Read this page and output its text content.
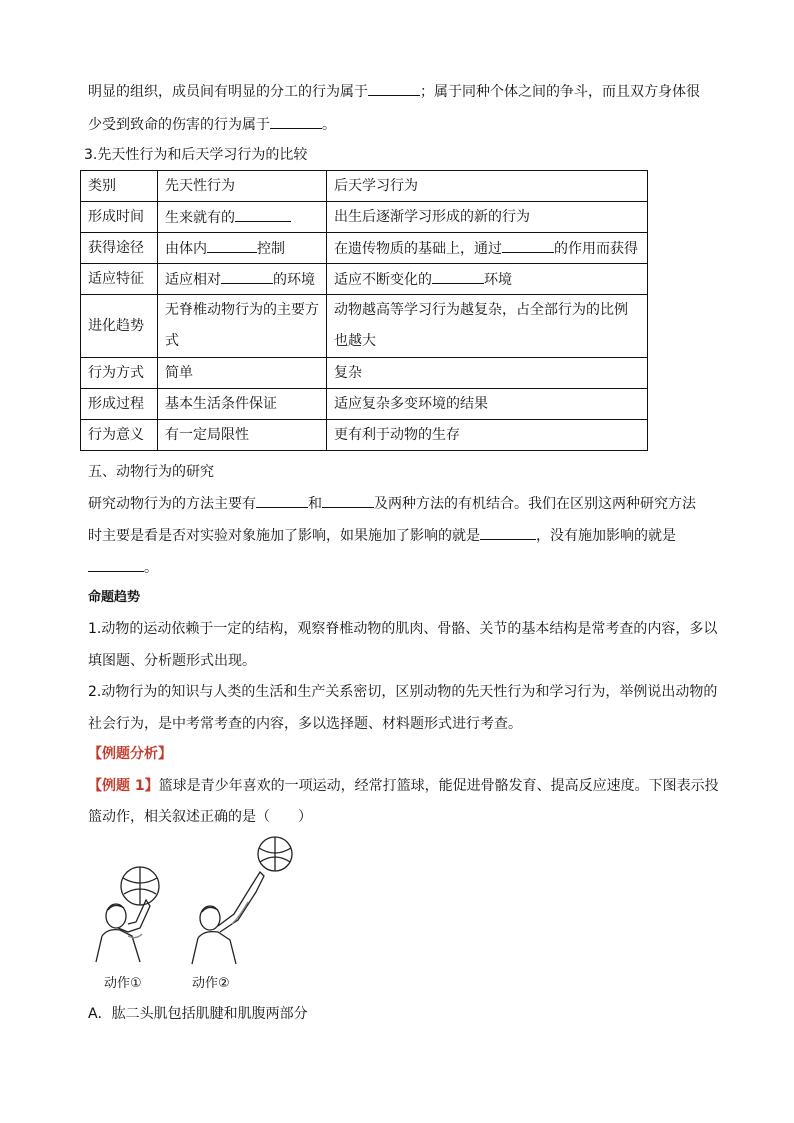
明显的组织，成员间有明显的分工的行为属于	；属于同种个体之间的争斗，而且双方身体很
少受到致命的伤害的行为属于	。
3.先天性行为和后天学习行为的比较
类别	先天性行为	后天学习行为
形成时间	生来就有的	出生后逐渐学习形成的新的行为
获得途径	由体内 控制	在遗传物质的基础上，通过 的作用而获得
适应特征	适应相对 的环境	适应不断变化的 环境
进化趋势	无脊椎动物行为的主要方式	动物越高等学习行为越复杂，占全部行为的比例也越大
行为方式	简单	复杂
形成过程	基本生活条件保证	适应复杂多变环境的结果
行为意义	有一定局限性	更有利于动物的生存
五、动物行为的研究
研究动物行为的方法主要有	和	及两种方法的有机结合。我们在区别这两种研究方法
时主要是看是否对实验对象施加了影响，如果施加了影响的就是	，没有施加影响的就是
。
命题趋势
1.动物的运动依赖于一定的结构，观察脊椎动物的肌肉、骨骼、关节的基本结构是常考查的内容，多以
填图题、分析题形式出现。
2.动物行为的知识与人类的生活和生产关系密切，区别动物的先天性行为和学习行为，举例说出动物的
社会行为，是中考常考查的内容，多以选择题、材料题形式进行考查。
【例题分析】
【例题 1】篮球是青少年喜欢的一项运动，经常打篮球，能促进骨骼发育、提高反应速度。下图表示投
篮动作，相关叙述正确的是（　　）
动作①	动作②
A．肱二头肌包括肌腱和肌腹两部分
